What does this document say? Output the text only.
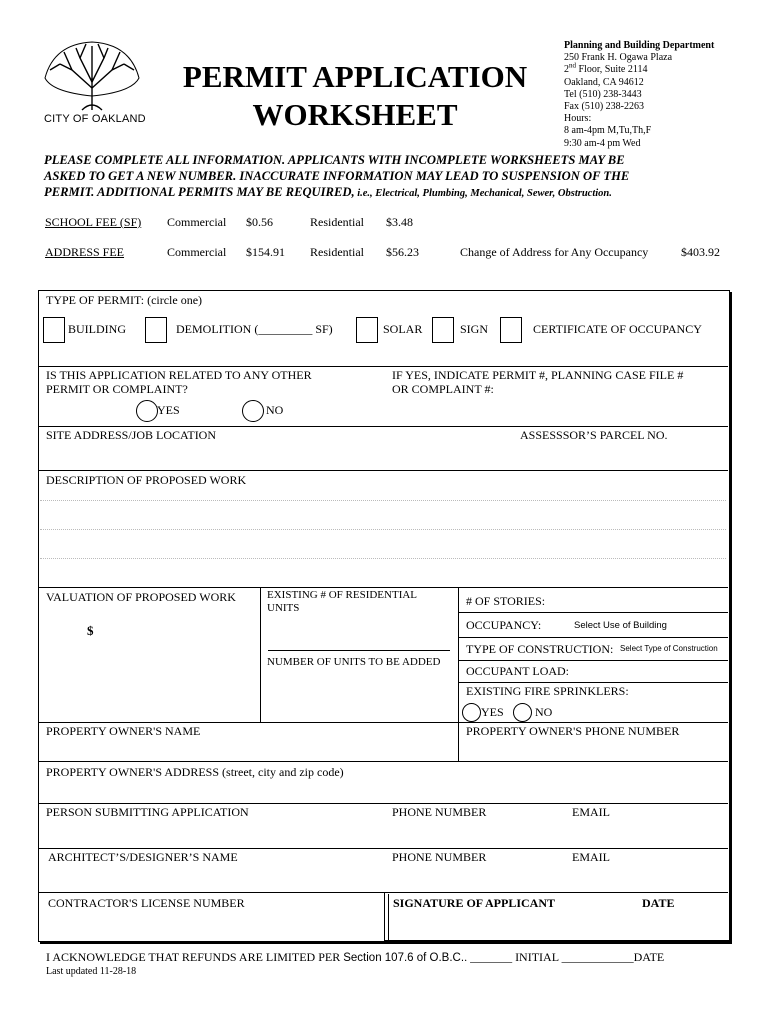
CITY OF OAKLAND
PERMIT APPLICATION
WORKSHEET
Planning and Building Department
250 Frank H. Ogawa Plaza
2nd Floor, Suite 2114
Oakland, CA 94612
Tel (510) 238-3443
Fax (510) 238-2263
Hours:
8 am-4pm M,Tu,Th,F
9:30 am-4 pm Wed
PLEASE COMPLETE ALL INFORMATION. APPLICANTS WITH INCOMPLETE WORKSHEETS MAY BE
ASKED TO GET A NEW NUMBER. INACCURATE INFORMATION MAY LEAD TO SUSPENSION OF THE
PERMIT. ADDITIONAL PERMITS MAY BE REQUIRED, i.e., Electrical, Plumbing, Mechanical, Sewer, Obstruction.
SCHOOL FEE (SF) Commercial $0.56	Residential $3.48
ADDRESS FEE	Commercial $154.91 Residential $56.23	Change of Address for Any Occupancy	$403.92
TYPE OF PERMIT: (circle one)
BUILDING	DEMOLITION (_________ SF)	SOLAR	SIGN	CERTIFICATE OF OCCUPANCY
IS THIS APPLICATION RELATED TO ANY OTHER
PERMIT OR COMPLAINT?
YES	NO
IF YES, INDICATE PERMIT #, PLANNING CASE FILE #
OR COMPLAINT #:
SITE ADDRESS/JOB LOCATION	ASSESSSOR’S PARCEL NO.
DESCRIPTION OF PROPOSED WORK
VALUATION OF PROPOSED WORK
$
EXISTING # OF RESIDENTIAL
UNITS
NUMBER OF UNITS TO BE ADDED
# OF STORIES:
OCCUPANCY:	Select Use of Building
TYPE OF CONSTRUCTION: Select Type of Construction
OCCUPANT LOAD:
EXISTING FIRE SPRINKLERS:
YES	NO
PROPERTY OWNER'S NAME	PROPERTY OWNER'S PHONE NUMBER
PROPERTY OWNER'S ADDRESS (street, city and zip code)
PERSON SUBMITTING APPLICATION	PHONE NUMBER	EMAIL
ARCHITECT’S/DESIGNER’S NAME	PHONE NUMBER	EMAIL
CONTRACTOR'S LICENSE NUMBER	SIGNATURE OF APPLICANT	DATE
I ACKNOWLEDGE THAT REFUNDS ARE LIMITED PER Section 107.6 of O.B.C.. _______ INITIAL ____________DATE
Last updated 11-28-18
